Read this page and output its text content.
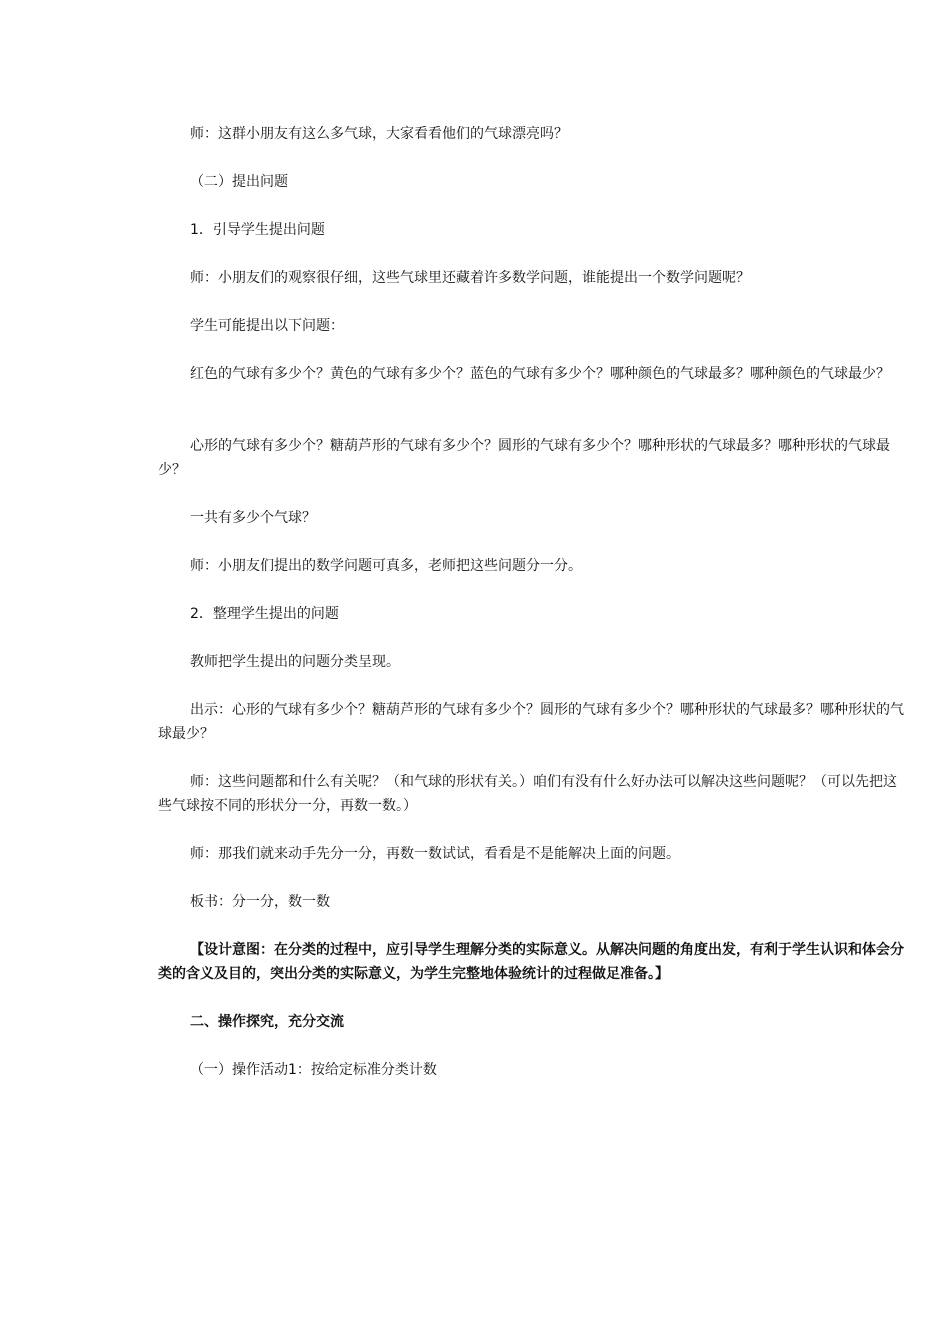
师：这群小朋友有这么多气球，大家看看他们的气球漂亮吗？

（二）提出问题

1．引导学生提出问题

师：小朋友们的观察很仔细，这些气球里还藏着许多数学问题，谁能提出一个数学问题呢？

学生可能提出以下问题：

红色的气球有多少个？黄色的气球有多少个？蓝色的气球有多少个？哪种颜色的气球最多？哪种颜色的气球最少？

心形的气球有多少个？糖葫芦形的气球有多少个？圆形的气球有多少个？哪种形状的气球最多？哪种形状的气球最少？

一共有多少个气球？

师：小朋友们提出的数学问题可真多，老师把这些问题分一分。

2．整理学生提出的问题

教师把学生提出的问题分类呈现。

出示：心形的气球有多少个？糖葫芦形的气球有多少个？圆形的气球有多少个？哪种形状的气球最多？哪种形状的气球最少？

师：这些问题都和什么有关呢？（和气球的形状有关。）咱们有没有什么好办法可以解决这些问题呢？（可以先把这些气球按不同的形状分一分，再数一数。）

师：那我们就来动手先分一分，再数一数试试，看看是不是能解决上面的问题。

板书：分一分，数一数

【设计意图：在分类的过程中，应引导学生理解分类的实际意义。从解决问题的角度出发，有利于学生认识和体会分类的含义及目的，突出分类的实际意义，为学生完整地体验统计的过程做足准备。】

二、操作探究，充分交流

（一）操作活动1：按给定标准分类计数
